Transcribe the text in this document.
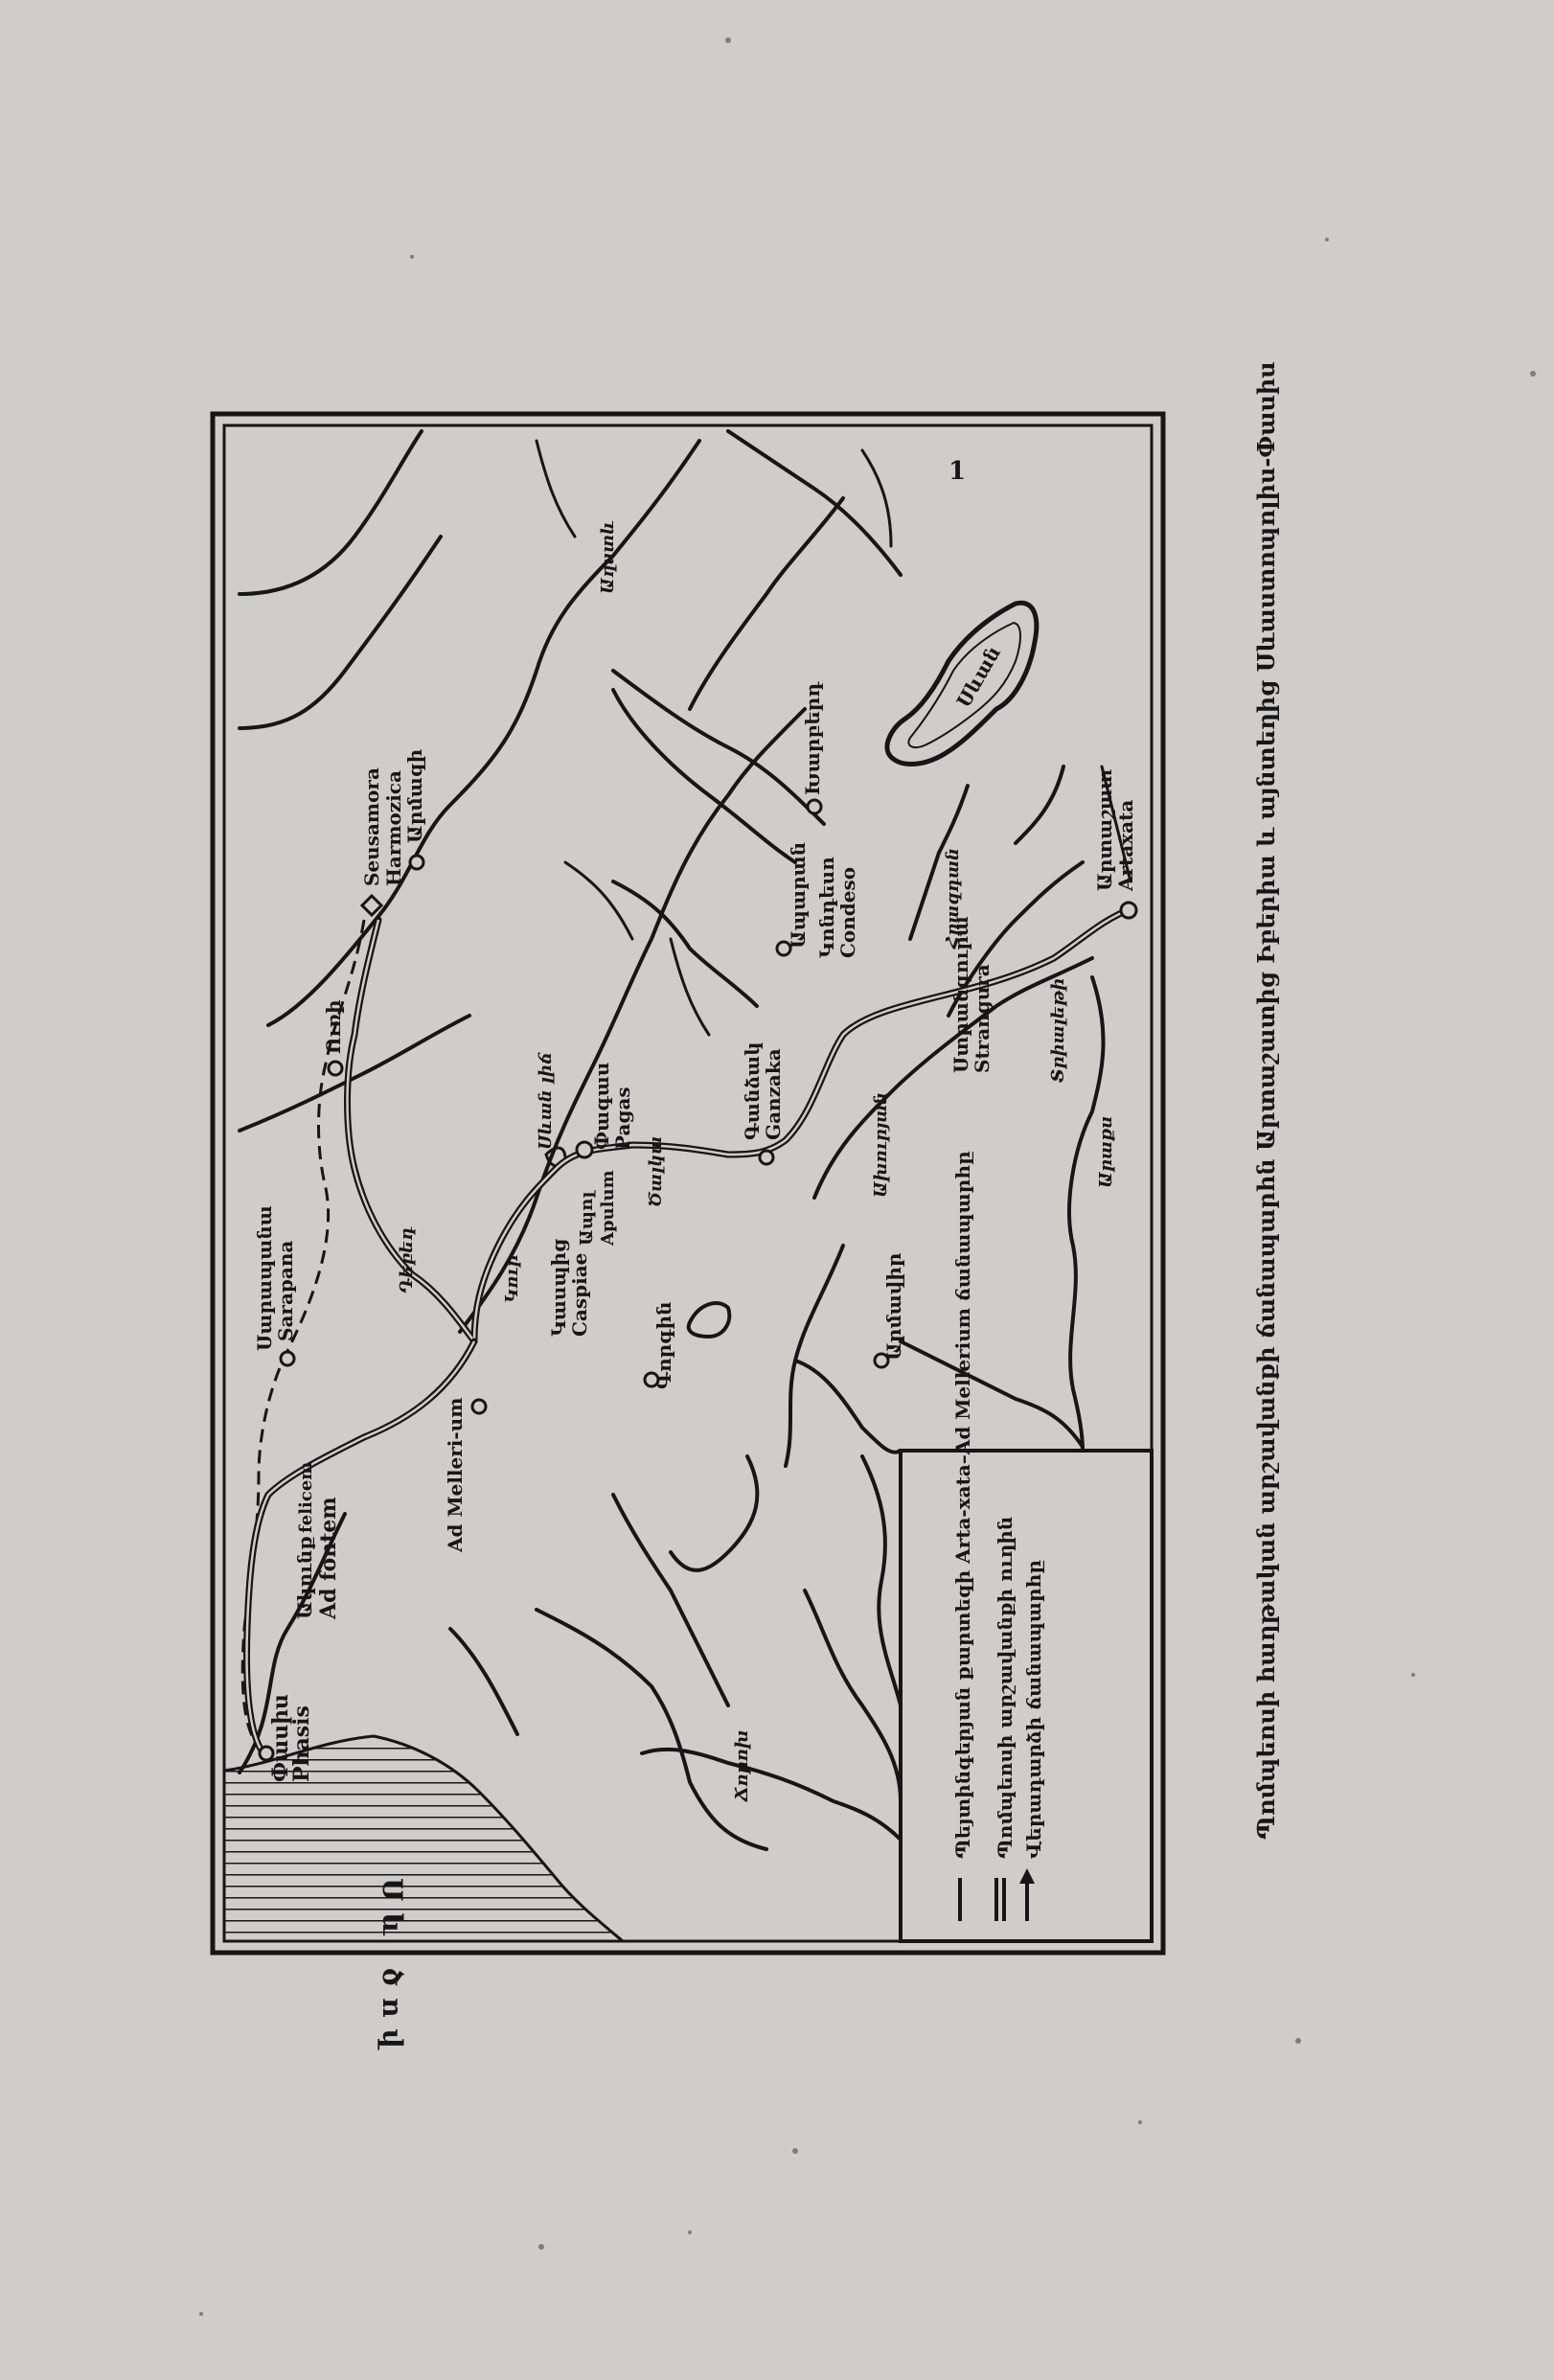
Սև ծով
Պեյտինգերյան քարտեզի Arta-xata–Ad Mellerium ճանապարհը Պոմպեոսի արշավանքի ուղին Վերադարձի ճանապարհը
Սևան
Փասիս
Phasis
Ակունք Ad fontem
felicem
Սարապանա
Sarapana
Ad Melleri-um
Seusamora Harmozica
Արմազի
Ուռի
Կասպից
Caspiae
Ապոլ Apulum
Փագաս
Pagas	Գանձակ
Ganzaka
Կոնդեսո
Condeso
Ստրանգուրա
Strangura
Արտաշատ
Artaxata
Ապարան
Խարբերդ
Արմավիր
Գորգին
Կուր
Սևան լիճ
Արաքս
Հրազդան
Ախուրյան
Աղստև
Ճորոխ
Դեբեդ
Ծալկա
Տրիալեթի
1	Պոմպեոսի հաղթական արշավանքի ճանապարհն Արտաշատից Իբերիա և այնտեղից Սևաստոպոլիս-Փասիս
